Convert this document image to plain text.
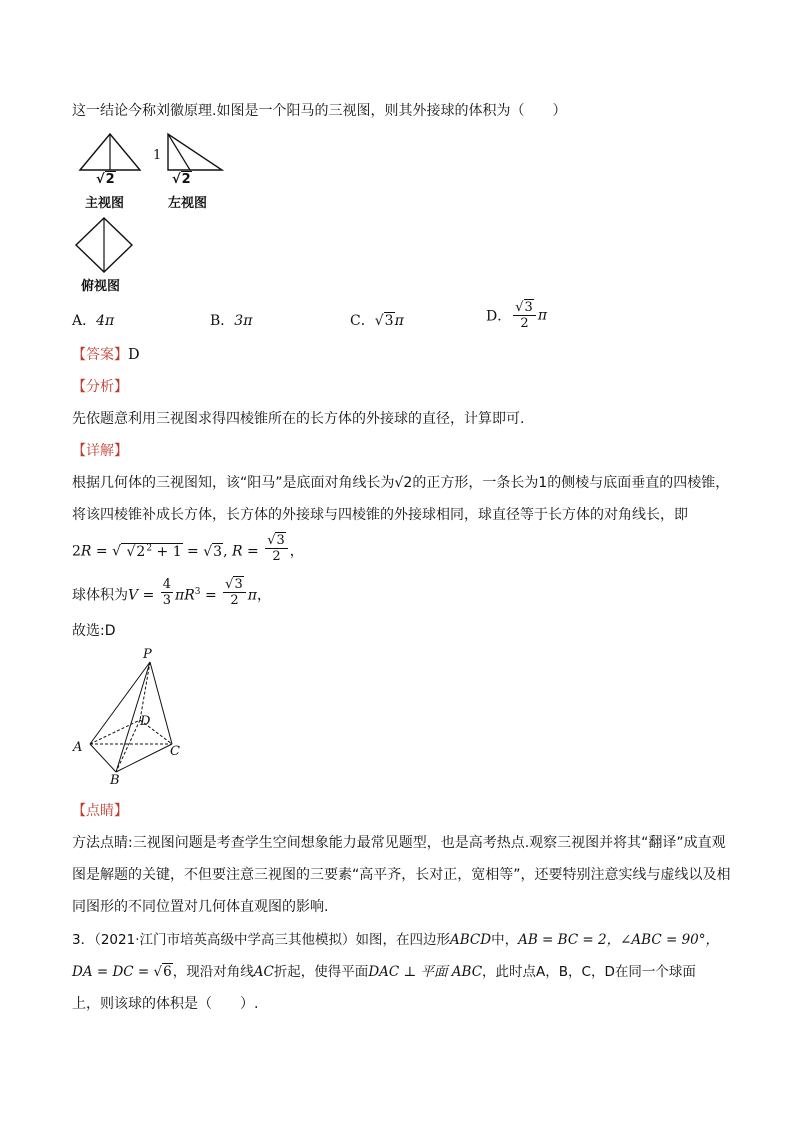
这一结论今称刘徽原理.如图是一个阳马的三视图，则其外接球的体积为（　　）
√2
主视图
1
√2
左视图
俯视图
A．4π	B．3π	C．√3π	D． $\frac{√3}{2}$ π
【答案】D
【分析】
先依题意利用三视图求得四棱锥所在的长方体的外接球的直径，计算即可.
【详解】
根据几何体的三视图知，该“阳马”是底面对角线长为√2的正方形，一条长为1的侧棱与底面垂直的四棱锥，
将该四棱锥补成长方体，长方体的外接球与四棱锥的外接球相同，球直径等于长方体的对角线长，即
2R = √ $√2^2 + 1 = √3$, $R = \frac{√3}{2}$ ，
球体积为$V = \frac{4}{3} \pi R^3 = \frac{√3}{2}$ π，
故选:D
P
D
A	C
B
【点睛】
方法点睛:三视图问题是考查学生空间想象能力最常见题型，也是高考热点.观察三视图并将其“翻译”成直观
图是解题的关键，不但要注意三视图的三要素“高平齐，长对正，宽相等”，还要特别注意实线与虚线以及相
同图形的不同位置对几何体直观图的影响.
3．（2021·江门市培英高级中学高三其他模拟）如图，在四边形ABCD中，AB = BC = 2，∠ABC = 90°，
DA = DC = √6，现沿对角线AC折起，使得平面DAC ⊥ 平面 ABC，此时点A，B，C，D在同一个球面
上，则该球的体积是（　　）.
